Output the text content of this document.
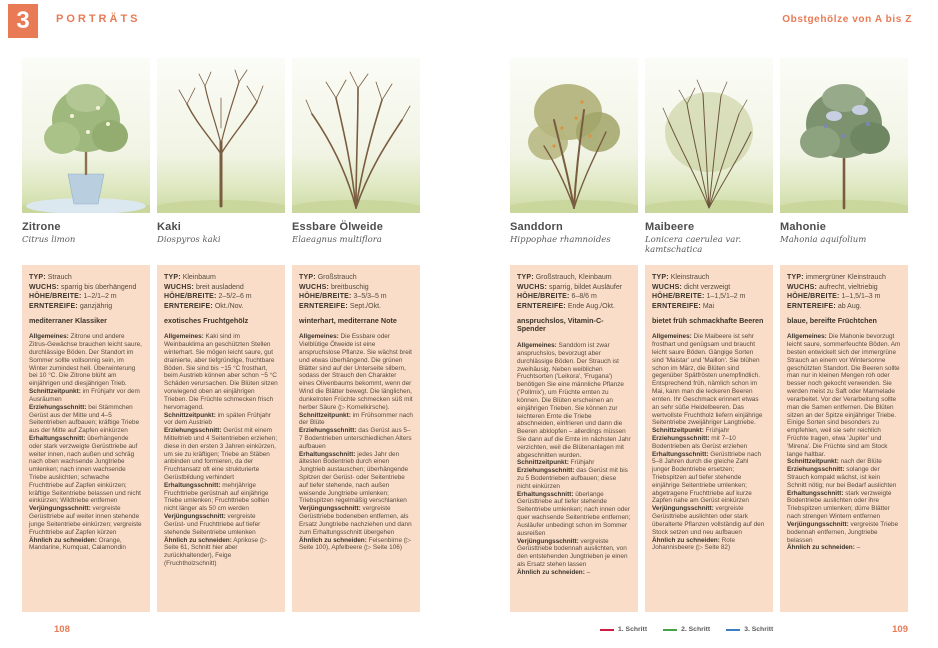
3	PORTRÄTS	Obstgehölze von A bis Z
Zitrone
Citrus limon
TYP: Strauch
WUCHS: sparrig bis überhängend
HÖHE/BREITE: 1–2/1–2 m
ERNTEREIFE: ganzjährig
mediterraner Klassiker
Allgemeines: Zitrone und andere Zitrus-Gewächse brauchen leicht saure, durchlässige Böden. Der Standort im Sommer sollte vollsonnig sein, im Winter zumindest hell. Überwinterung bei 10 °C. Die Zitrone blüht am einjährigen und diesjährigen Trieb.
Schnittzeitpunkt: im Frühjahr vor dem Ausräumen
Erziehungsschnitt: bei Stämmchen Gerüst aus der Mitte und 4–5 Seitentrieben aufbauen; kräftige Triebe aus der Mitte auf Zapfen einkürzen
Erhaltungsschnitt: überhängende oder stark verzweigte Gerüsttriebe auf weiter innen, nach außen und schräg nach oben wachsende Jungtriebe umlenken; nach innen wachsende Triebe auslichten; schwache Fruchttriebe auf Zapfen einkürzen; kräftige Seitentriebe belassen und nicht einkürzen; Wildtriebe entfernen
Verjüngungsschnitt: vergreiste Gerüsttriebe auf weiter innen stehende junge Seitentriebe einkürzen; vergreiste Fruchttriebe auf Zapfen kürzen
Ähnlich zu schneiden: Orange, Mandarine, Kumquat, Calamondin
Kaki
Diospyros kaki
TYP: Kleinbaum
WUCHS: breit ausladend
HÖHE/BREITE: 2–5/2–6 m
ERNTEREIFE: Okt./Nov.
exotisches Fruchtgehölz
Allgemeines: Kaki sind im Weinbauklima an geschützten Stellen winterhart. Sie mögen leicht saure, gut drainierte, aber tiefgründige, fruchtbare Böden. Sie sind bis −15 °C frosthart, beim Austrieb können aber schon −5 °C Schäden verursachen. Die Blüten sitzen vorwiegend oben an einjährigen Trieben. Die Früchte schmecken frisch hervorragend.
Schnittzeitpunkt: im späten Frühjahr vor dem Austrieb
Erziehungsschnitt: Gerüst mit einem Mitteltrieb und 4 Seitentrieben erziehen; diese in den ersten 3 Jahren einkürzen, um sie zu kräftigen; Triebe an Stäben anbinden und formieren, da der Fruchtansatz oft eine strukturierte Gerüstbildung verhindert
Erhaltungsschnitt: mehrjährige Fruchttriebe gerüstnah auf einjährige Triebe umlenken; Fruchttriebe sollten nicht länger als 50 cm werden
Verjüngungsschnitt: vergreiste Gerüst- und Fruchttriebe auf tiefer stehende Seitentriebe umlenken
Ähnlich zu schneiden: Aprikose (▷ Seite 61, Schnitt hier aber zurückhaltender), Feige (Fruchtholzschnitt)
Essbare Ölweide
Elaeagnus multiflora
TYP: Großstrauch
WUCHS: breitbuschig
HÖHE/BREITE: 3–5/3–5 m
ERNTEREIFE: Sept./Okt.
winterhart, mediterrane Note
Allgemeines: Die Essbare oder Vielblütige Ölweide ist eine anspruchslose Pflanze. Sie wächst breit und etwas überhängend. Die grünen Blätter sind auf der Unterseite silbern, sodass der Strauch den Charakter eines Olivenbaums bekommt, wenn der Wind die Blätter bewegt. Die länglichen, dunkelroten Früchte schmecken süß mit herber Säure (▷ Kornelkirsche).
Schnittzeitpunkt: im Frühsommer nach der Blüte
Erziehungsschnitt: das Gerüst aus 5–7 Bodentrieben unterschiedlichen Alters aufbauen
Erhaltungsschnitt: jedes Jahr den ältesten Bodentrieb durch einen Jungtrieb austauschen; überhängende Spitzen der Gerüst- oder Seitentriebe auf tiefer stehende, nach außen weisende Jungtriebe umlenken; Triebspitzen regelmäßig verschlanken
Verjüngungsschnitt: vergreiste Gerüsttriebe bodeneben entfernen, als Ersatz Jungtriebe nachziehen und dann zum Erhaltungsschnitt übergehen
Ähnlich zu schneiden: Felsenbirne (▷ Seite 100), Apfelbeere (▷ Seite 106)
Sanddorn
Hippophae rhamnoides
TYP: Großstrauch, Kleinbaum
WUCHS: sparrig, bildet Ausläufer
HÖHE/BREITE: 6–8/6 m
ERNTEREIFE: Ende Aug./Okt.
anspruchslos, Vitamin-C-Spender
Allgemeines: Sanddorn ist zwar anspruchslos, bevorzugt aber durchlässige Böden. Der Strauch ist zweihäusig. Neben weiblichen Fruchtsorten ('Leikora', 'Frugana') benötigen Sie eine männliche Pflanze ('Pollmix'), um Früchte ernten zu können. Die Blüten erscheinen an einjährigen Trieben. Sie können zur leichteren Ernte die Triebe abschneiden, einfrieren und dann die Beeren abklopfen – allerdings müssen Sie dann auf die Ernte im nächsten Jahr verzichten, weil die Blütenanlagen mit abgeschnitten wurden.
Schnittzeitpunkt: Frühjahr
Erziehungsschnitt: das Gerüst mit bis zu 5 Bodentrieben aufbauen; diese nicht einkürzen
Erhaltungsschnitt: überlange Gerüsttriebe auf tiefer stehende Seitentriebe umlenken; nach innen oder quer wachsende Seitentriebe entfernen; Ausläufer unbedingt schon im Sommer ausreißen
Verjüngungsschnitt: vergreiste Gerüsttriebe bodennah auslichten, von den entstehenden Jungtrieben je einen als Ersatz stehen lassen
Ähnlich zu schneiden: –
Maibeere
Lonicera caerulea var. kamtschatica
TYP: Kleinstrauch
WUCHS: dicht verzweigt
HÖHE/BREITE: 1–1,5/1–2 m
ERNTEREIFE: Mai
bietet früh schmackhafte Beeren
Allgemeines: Die Maibeere ist sehr frosthart und genügsam und braucht leicht saure Böden. Gängige Sorten sind 'Maistar' und 'Maillon'. Sie blühen schon im März, die Blüten sind gegenüber Spätfrösten unempfindlich. Entsprechend früh, nämlich schon im Mai, kann man die leckeren Beeren ernten. Ihr Geschmack erinnert etwas an sehr süße Heidelbeeren. Das wertvollste Fruchtholz liefern einjährige Seitentriebe zweijähriger Langtriebe.
Schnittzeitpunkt: Frühjahr
Erziehungsschnitt: mit 7–10 Bodentrieben als Gerüst erziehen
Erhaltungsschnitt: Gerüsttriebe nach 5–8 Jahren durch die gleiche Zahl junger Bodentriebe ersetzen; Triebspitzen auf tiefer stehende einjährige Seitentriebe umlenken; abgetragene Fruchttriebe auf kurze Zapfen nahe am Gerüst einkürzen
Verjüngungsschnitt: vergreiste Gerüsttriebe auslichten oder stark überalterte Pflanzen vollständig auf den Stock setzen und neu aufbauen
Ähnlich zu schneiden: Rote Johannisbeere (▷ Seite 82)
Mahonie
Mahonia aquifolium
TYP: immergrüner Kleinstrauch
WUCHS: aufrecht, vieltriebig
HÖHE/BREITE: 1–1,5/1–3 m
ERNTEREIFE: ab Aug.
blaue, bereifte Früchtchen
Allgemeines: Die Mahonie bevorzugt leicht saure, sommerfeuchte Böden. Am besten entwickelt sich der immergrüne Strauch an einem vor Wintersonne geschützten Standort. Die Beeren sollte man nur in kleinen Mengen roh oder besser noch gekocht verwenden. Sie werden meist zu Saft oder Marmelade verarbeitet. Vor der Verarbeitung sollte man die Samen entfernen. Die Blüten sitzen an der Spitze einjähriger Triebe. Einige Sorten sind besonders zu empfehlen, weil sie sehr reichlich Früchte tragen, etwa 'Jupiter' und 'Mirena'. Die Früchte sind am Stock lange haltbar.
Schnittzeitpunkt: nach der Blüte
Erziehungsschnitt: solange der Strauch kompakt wächst, ist kein Schnitt nötig; nur bei Bedarf auslichten
Erhaltungsschnitt: stark verzweigte Bodentriebe auslichten oder ihre Triebspitzen umlenken; dürre Blätter nach strengen Wintern entfernen
Verjüngungsschnitt: vergreiste Triebe bodennah entfernen, Jungtriebe belassen
Ähnlich zu schneiden: –
108	1. Schritt	2. Schritt	3. Schritt	109
